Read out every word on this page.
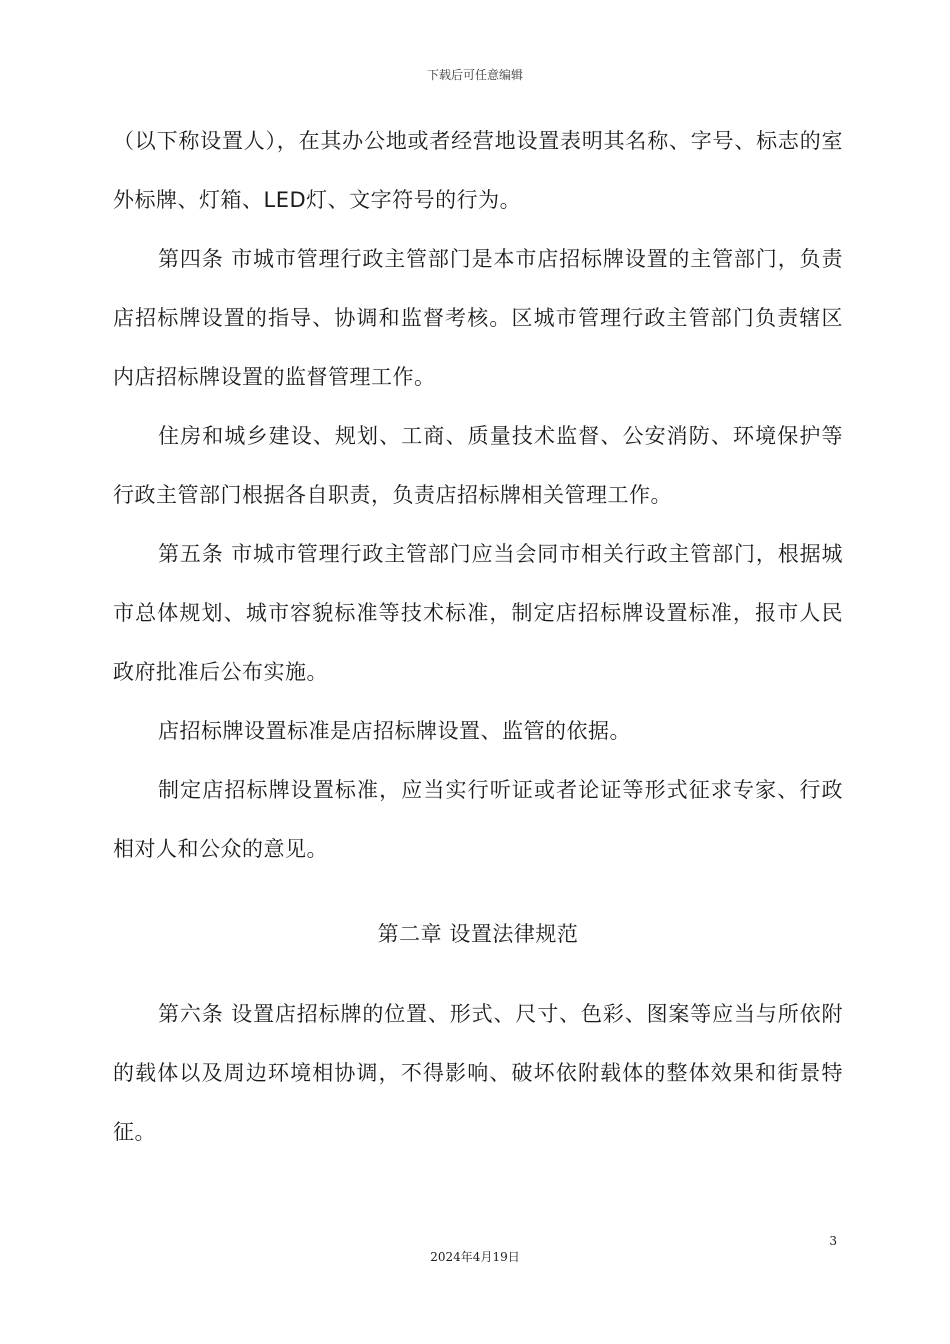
下载后可任意编辑

（以下称设置人），在其办公地或者经营地设置表明其名称、字号、标志的室外标牌、灯箱、LED灯、文字符号的行为。

第四条 市城市管理行政主管部门是本市店招标牌设置的主管部门，负责店招标牌设置的指导、协调和监督考核。区城市管理行政主管部门负责辖区内店招标牌设置的监督管理工作。

住房和城乡建设、规划、工商、质量技术监督、公安消防、环境保护等行政主管部门根据各自职责，负责店招标牌相关管理工作。

第五条 市城市管理行政主管部门应当会同市相关行政主管部门，根据城市总体规划、城市容貌标准等技术标准，制定店招标牌设置标准，报市人民政府批准后公布实施。

店招标牌设置标准是店招标牌设置、监管的依据。

制定店招标牌设置标准，应当实行听证或者论证等形式征求专家、行政相对人和公众的意见。

第二章 设置法律规范

第六条 设置店招标牌的位置、形式、尺寸、色彩、图案等应当与所依附的载体以及周边环境相协调，不得影响、破坏依附载体的整体效果和街景特征。

3
2024年4月19日
